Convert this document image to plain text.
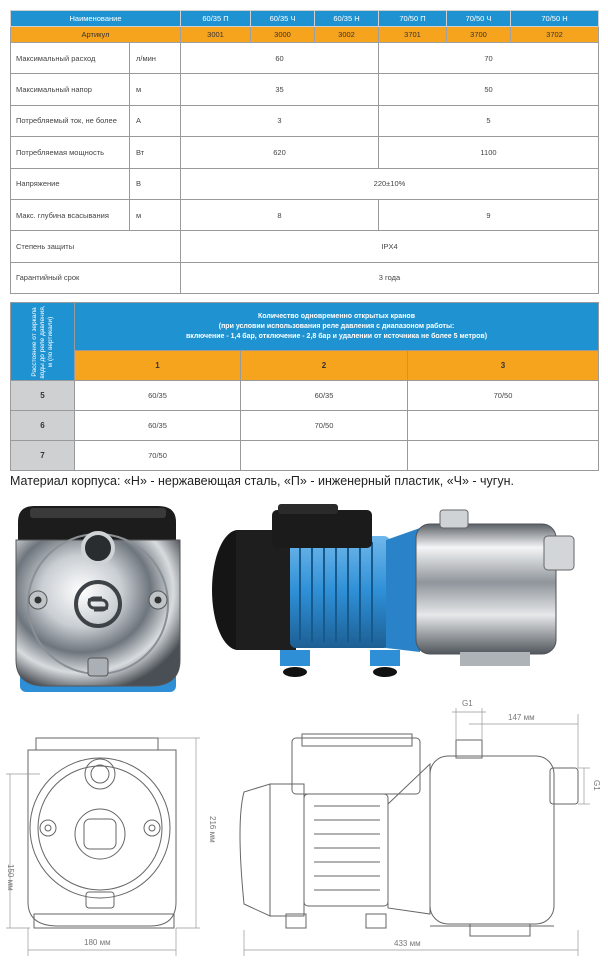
Наименование		60/35 П	60/35 Ч	60/35 Н	70/50 П	70/50 Ч	70/50 Н
Артикул		3001	3000	3002	3701	3700	3702
Максимальный расход	л/мин	60			70		
Максимальный напор	м	35			50		
Потребляемый ток, не более	А	3			5		
Потребляемая мощность	Вт	620			1100		
Напряжение	В	220±10%					
Макс. глубина всасывания	м	8			9		
Степень защиты		IPX4					
Гарантийный срок		3 года					
Расстояние от зеркала воды до реле давления, м (по вертикали)	Количество одновременно открытых кранов
(при условии использования реле давления с диапазоном работы:
включение - 1,4 бар, отключение - 2,8 бар и удалении от источника не более 5 метров)		

	1	2	3
5	60/35	60/35	70/50
6	60/35	70/50	
7	70/50		
Материал корпуса: «Н» - нержавеющая сталь, «П» - инженерный пластик, «Ч» - чугун.
180 мм
150 мм
216 мм
G1
147 мм
G1
433 мм
